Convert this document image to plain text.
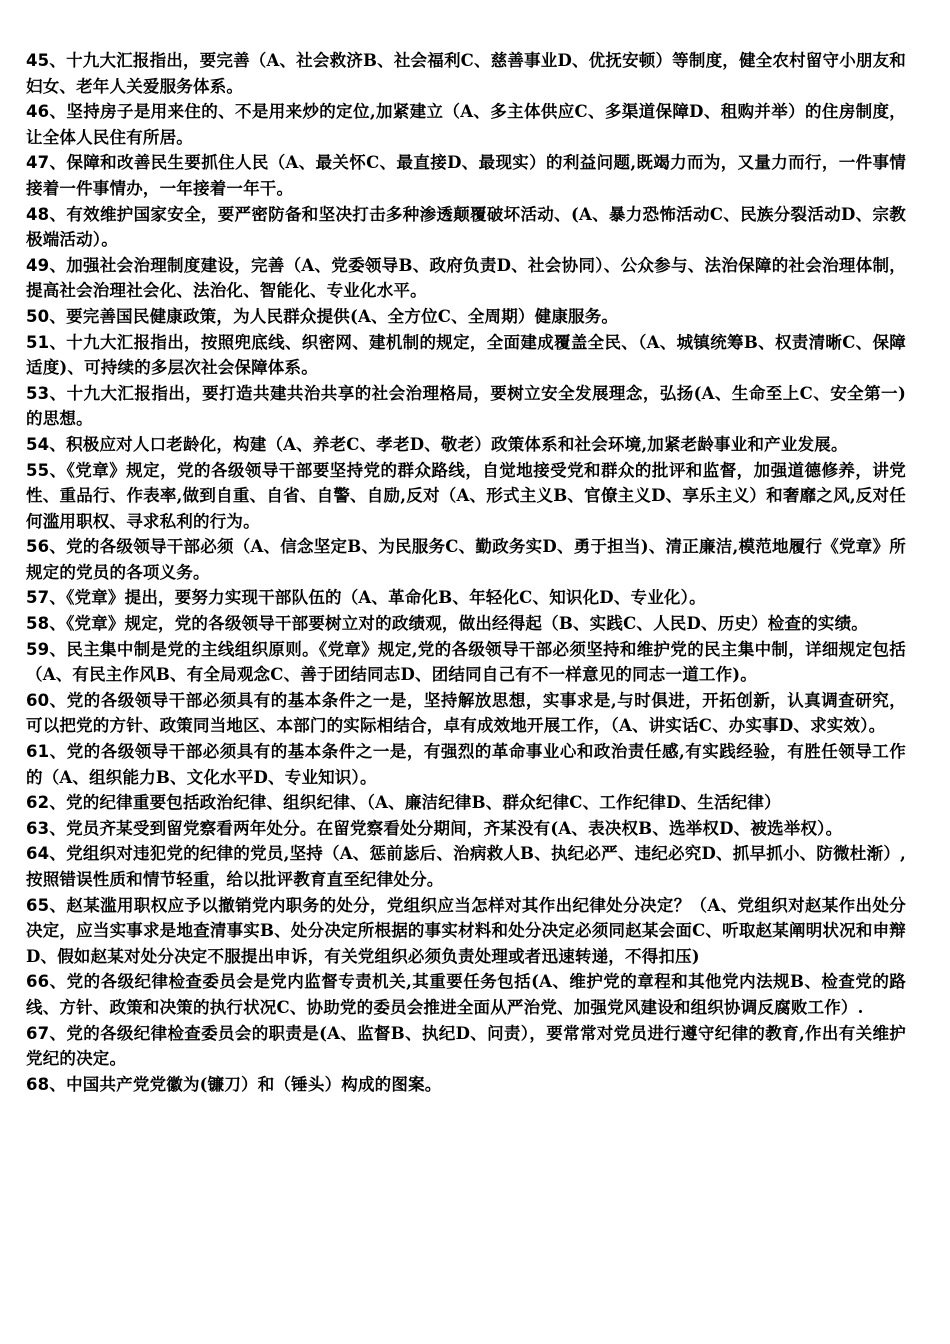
45、十九大汇报指出，要完善（A、社会救济B、社会福利C、慈善事业D、优抚安顿）等制度，健全农村留守小朋友和妇女、老年人关爱服务体系。

46、坚持房子是用来住的、不是用来炒的定位,加紧建立（A、多主体供应C、多渠道保障D、租购并举）的住房制度，让全体人民住有所居。

47、保障和改善民生要抓住人民（A、最关怀C、最直接D、最现实）的利益问题,既竭力而为，又量力而行，一件事情接着一件事情办，一年接着一年干。

48、有效维护国家安全，要严密防备和坚决打击多种渗透颠覆破坏活动、(A、暴力恐怖活动C、民族分裂活动D、宗教极端活动）。

49、加强社会治理制度建设，完善（A、党委领导B、政府负责D、社会协同）、公众参与、法治保障的社会治理体制，提高社会治理社会化、法治化、智能化、专业化水平。

50、要完善国民健康政策，为人民群众提供(A、全方位C、全周期）健康服务。

51、十九大汇报指出，按照兜底线、织密网、建机制的规定，全面建成覆盖全民、（A、城镇统筹B、权责清晰C、保障适度)、可持续的多层次社会保障体系。

53、十九大汇报指出，要打造共建共治共享的社会治理格局，要树立安全发展理念，弘扬(A、生命至上C、安全第一)的思想。

54、积极应对人口老龄化，构建（A、养老C、孝老D、敬老）政策体系和社会环境,加紧老龄事业和产业发展。

55、《党章》规定，党的各级领导干部要坚持党的群众路线，自觉地接受党和群众的批评和监督，加强道德修养，讲党性、重品行、作表率,做到自重、自省、自警、自励,反对（A、形式主义B、官僚主义D、享乐主义）和奢靡之风,反对任何滥用职权、寻求私利的行为。

56、党的各级领导干部必须（A、信念坚定B、为民服务C、勤政务实D、勇于担当)、清正廉洁,模范地履行《党章》所规定的党员的各项义务。

57、《党章》提出，要努力实现干部队伍的（A、革命化B、年轻化C、知识化D、专业化）。

58、《党章》规定，党的各级领导干部要树立对的政绩观，做出经得起（B、实践C、人民D、历史）检查的实绩。

59、民主集中制是党的主线组织原则。《党章》规定,党的各级领导干部必须坚持和维护党的民主集中制，详细规定包括（A、有民主作风B、有全局观念C、善于团结同志D、团结同自己有不一样意见的同志一道工作)。

60、党的各级领导干部必须具有的基本条件之一是，坚持解放思想，实事求是,与时俱进，开拓创新，认真调查研究，可以把党的方针、政策同当地区、本部门的实际相结合，卓有成效地开展工作，（A、讲实话C、办实事D、求实效）。

61、党的各级领导干部必须具有的基本条件之一是，有强烈的革命事业心和政治责任感,有实践经验，有胜任领导工作的（A、组织能力B、文化水平D、专业知识）。

62、党的纪律重要包括政治纪律、组织纪律、（A、廉洁纪律B、群众纪律C、工作纪律D、生活纪律）

63、党员齐某受到留党察看两年处分。在留党察看处分期间，齐某没有(A、表决权B、选举权D、被选举权）。

64、党组织对违犯党的纪律的党员,坚持（A、惩前毖后、治病救人B、执纪必严、违纪必究D、抓早抓小、防微杜渐）,按照错误性质和情节轻重，给以批评教育直至纪律处分。

65、赵某滥用职权应予以撤销党内职务的处分，党组织应当怎样对其作出纪律处分决定？（A、党组织对赵某作出处分决定，应当实事求是地查清事实B、处分决定所根据的事实材料和处分决定必须同赵某会面C、听取赵某阐明状况和申辩D、假如赵某对处分决定不服提出申诉，有关党组织必须负责处理或者迅速转递，不得扣压)

66、党的各级纪律检查委员会是党内监督专责机关,其重要任务包括(A、维护党的章程和其他党内法规B、检查党的路线、方针、政策和决策的执行状况C、协助党的委员会推进全面从严治党、加强党风建设和组织协调反腐败工作）.

67、党的各级纪律检查委员会的职责是(A、监督B、执纪D、问责），要常常对党员进行遵守纪律的教育,作出有关维护党纪的决定。

68、中国共产党党徽为(镰刀）和（锤头）构成的图案。
